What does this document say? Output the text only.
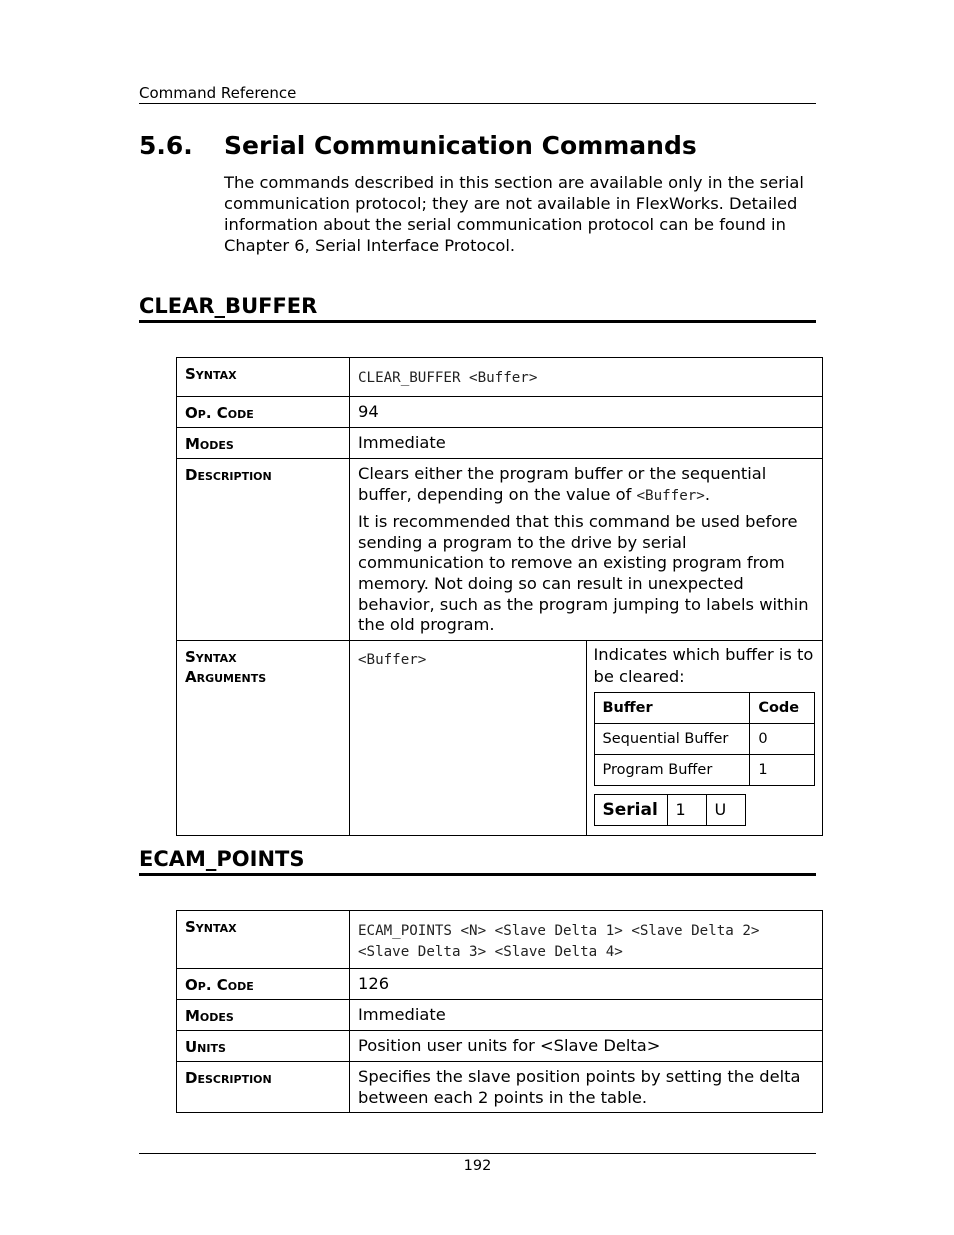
Command Reference
5.6. Serial Communication Commands

The commands described in this section are available only in the serial communication protocol; they are not available in FlexWorks. Detailed information about the serial communication protocol can be found in Chapter 6, Serial Interface Protocol.

CLEAR_BUFFER
Syntax	CLEAR_BUFFER <Buffer>
Op. Code	94
Modes	Immediate
Description	Clears either the program buffer or the sequential buffer, depending on the value of <Buffer>.

It is recommended that this command be used before sending a program to the drive by serial communication to remove an existing program from memory. Not doing so can result in unexpected behavior, such as the program jumping to labels within the old program.

Syntax
Arguments	<Buffer>	Indicates which buffer is to be cleared:
Buffer	Code
Sequential Buffer	0
Program Buffer	1
Serial	1	U
ECAM_POINTS
Syntax	ECAM_POINTS <N> <Slave Delta 1> <Slave Delta 2> <Slave Delta 3> <Slave Delta 4>
Op. Code	126
Modes	Immediate
Units	Position user units for <Slave Delta>
Description	Specifies the slave position points by setting the delta between each 2 points in the table.
192
